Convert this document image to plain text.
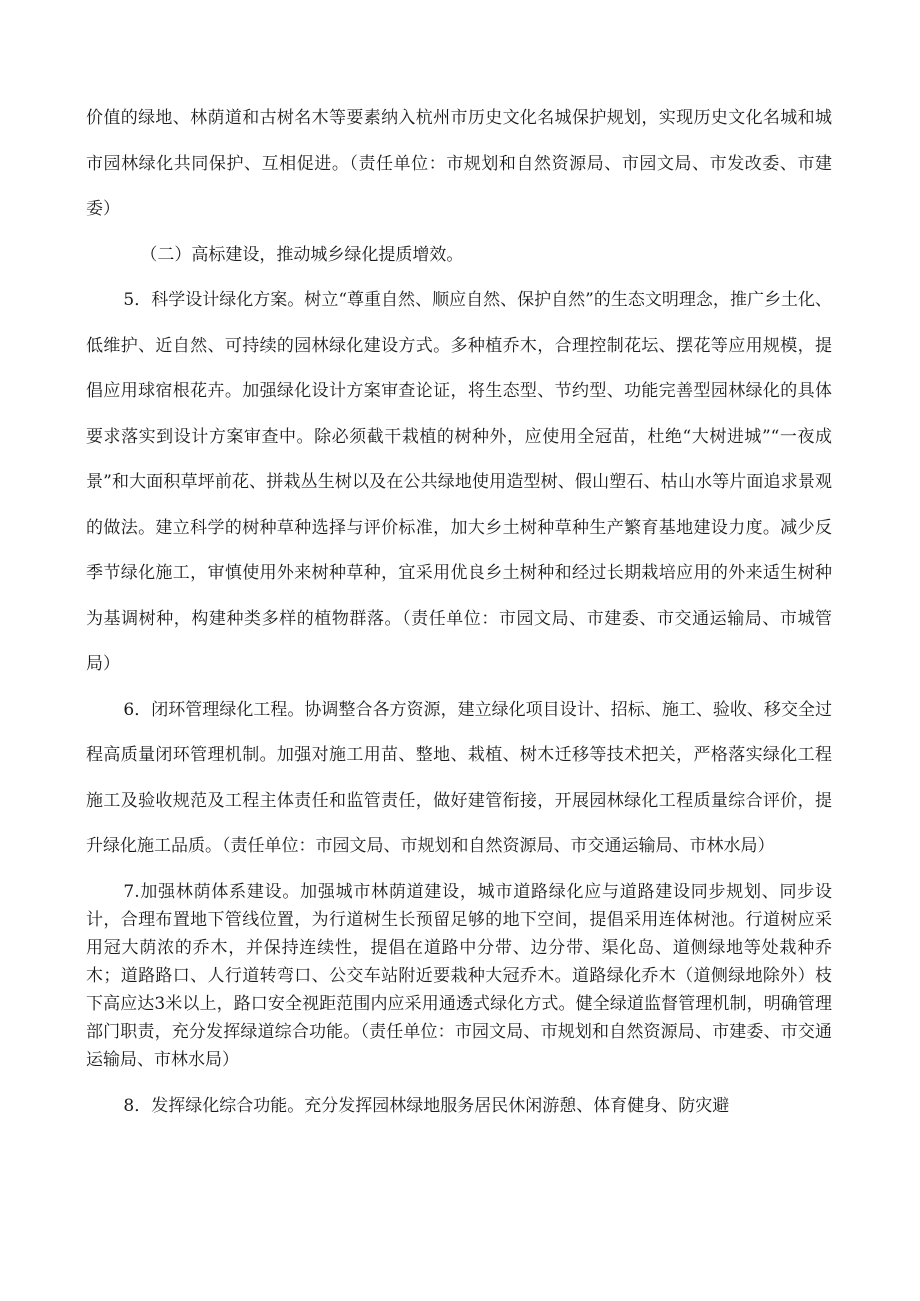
价值的绿地、林荫道和古树名木等要素纳入杭州市历史文化名城保护规划，实现历史文化名城和城市园林绿化共同保护、互相促进。（责任单位：市规划和自然资源局、市园文局、市发改委、市建委）

（二）高标建设，推动城乡绿化提质增效。

5．科学设计绿化方案。树立“尊重自然、顺应自然、保护自然”的生态文明理念，推广乡土化、低维护、近自然、可持续的园林绿化建设方式。多种植乔木，合理控制花坛、摆花等应用规模，提倡应用球宿根花卉。加强绿化设计方案审查论证，将生态型、节约型、功能完善型园林绿化的具体要求落实到设计方案审查中。除必须截干栽植的树种外，应使用全冠苗，杜绝“大树进城”“一夜成景”和大面积草坪前花、拼栽丛生树以及在公共绿地使用造型树、假山塑石、枯山水等片面追求景观的做法。建立科学的树种草种选择与评价标准，加大乡土树种草种生产繁育基地建设力度。减少反季节绿化施工，审慎使用外来树种草种，宜采用优良乡土树种和经过长期栽培应用的外来适生树种为基调树种，构建种类多样的植物群落。（责任单位：市园文局、市建委、市交通运输局、市城管局）

6．闭环管理绿化工程。协调整合各方资源，建立绿化项目设计、招标、施工、验收、移交全过程高质量闭环管理机制。加强对施工用苗、整地、栽植、树木迁移等技术把关，严格落实绿化工程施工及验收规范及工程主体责任和监管责任，做好建管衔接，开展园林绿化工程质量综合评价，提升绿化施工品质。（责任单位：市园文局、市规划和自然资源局、市交通运输局、市林水局）

7.加强林荫体系建设。加强城市林荫道建设，城市道路绿化应与道路建设同步规划、同步设计，合理布置地下管线位置，为行道树生长预留足够的地下空间，提倡采用连体树池。行道树应采用冠大荫浓的乔木，并保持连续性，提倡在道路中分带、边分带、渠化岛、道侧绿地等处栽种乔木；道路路口、人行道转弯口、公交车站附近要栽种大冠乔木。道路绿化乔木（道侧绿地除外）枝下高应达3米以上，路口安全视距范围内应采用通透式绿化方式。健全绿道监督管理机制，明确管理部门职责，充分发挥绿道综合功能。（责任单位：市园文局、市规划和自然资源局、市建委、市交通运输局、市林水局）

8．发挥绿化综合功能。充分发挥园林绿地服务居民休闲游憩、体育健身、防灾避
